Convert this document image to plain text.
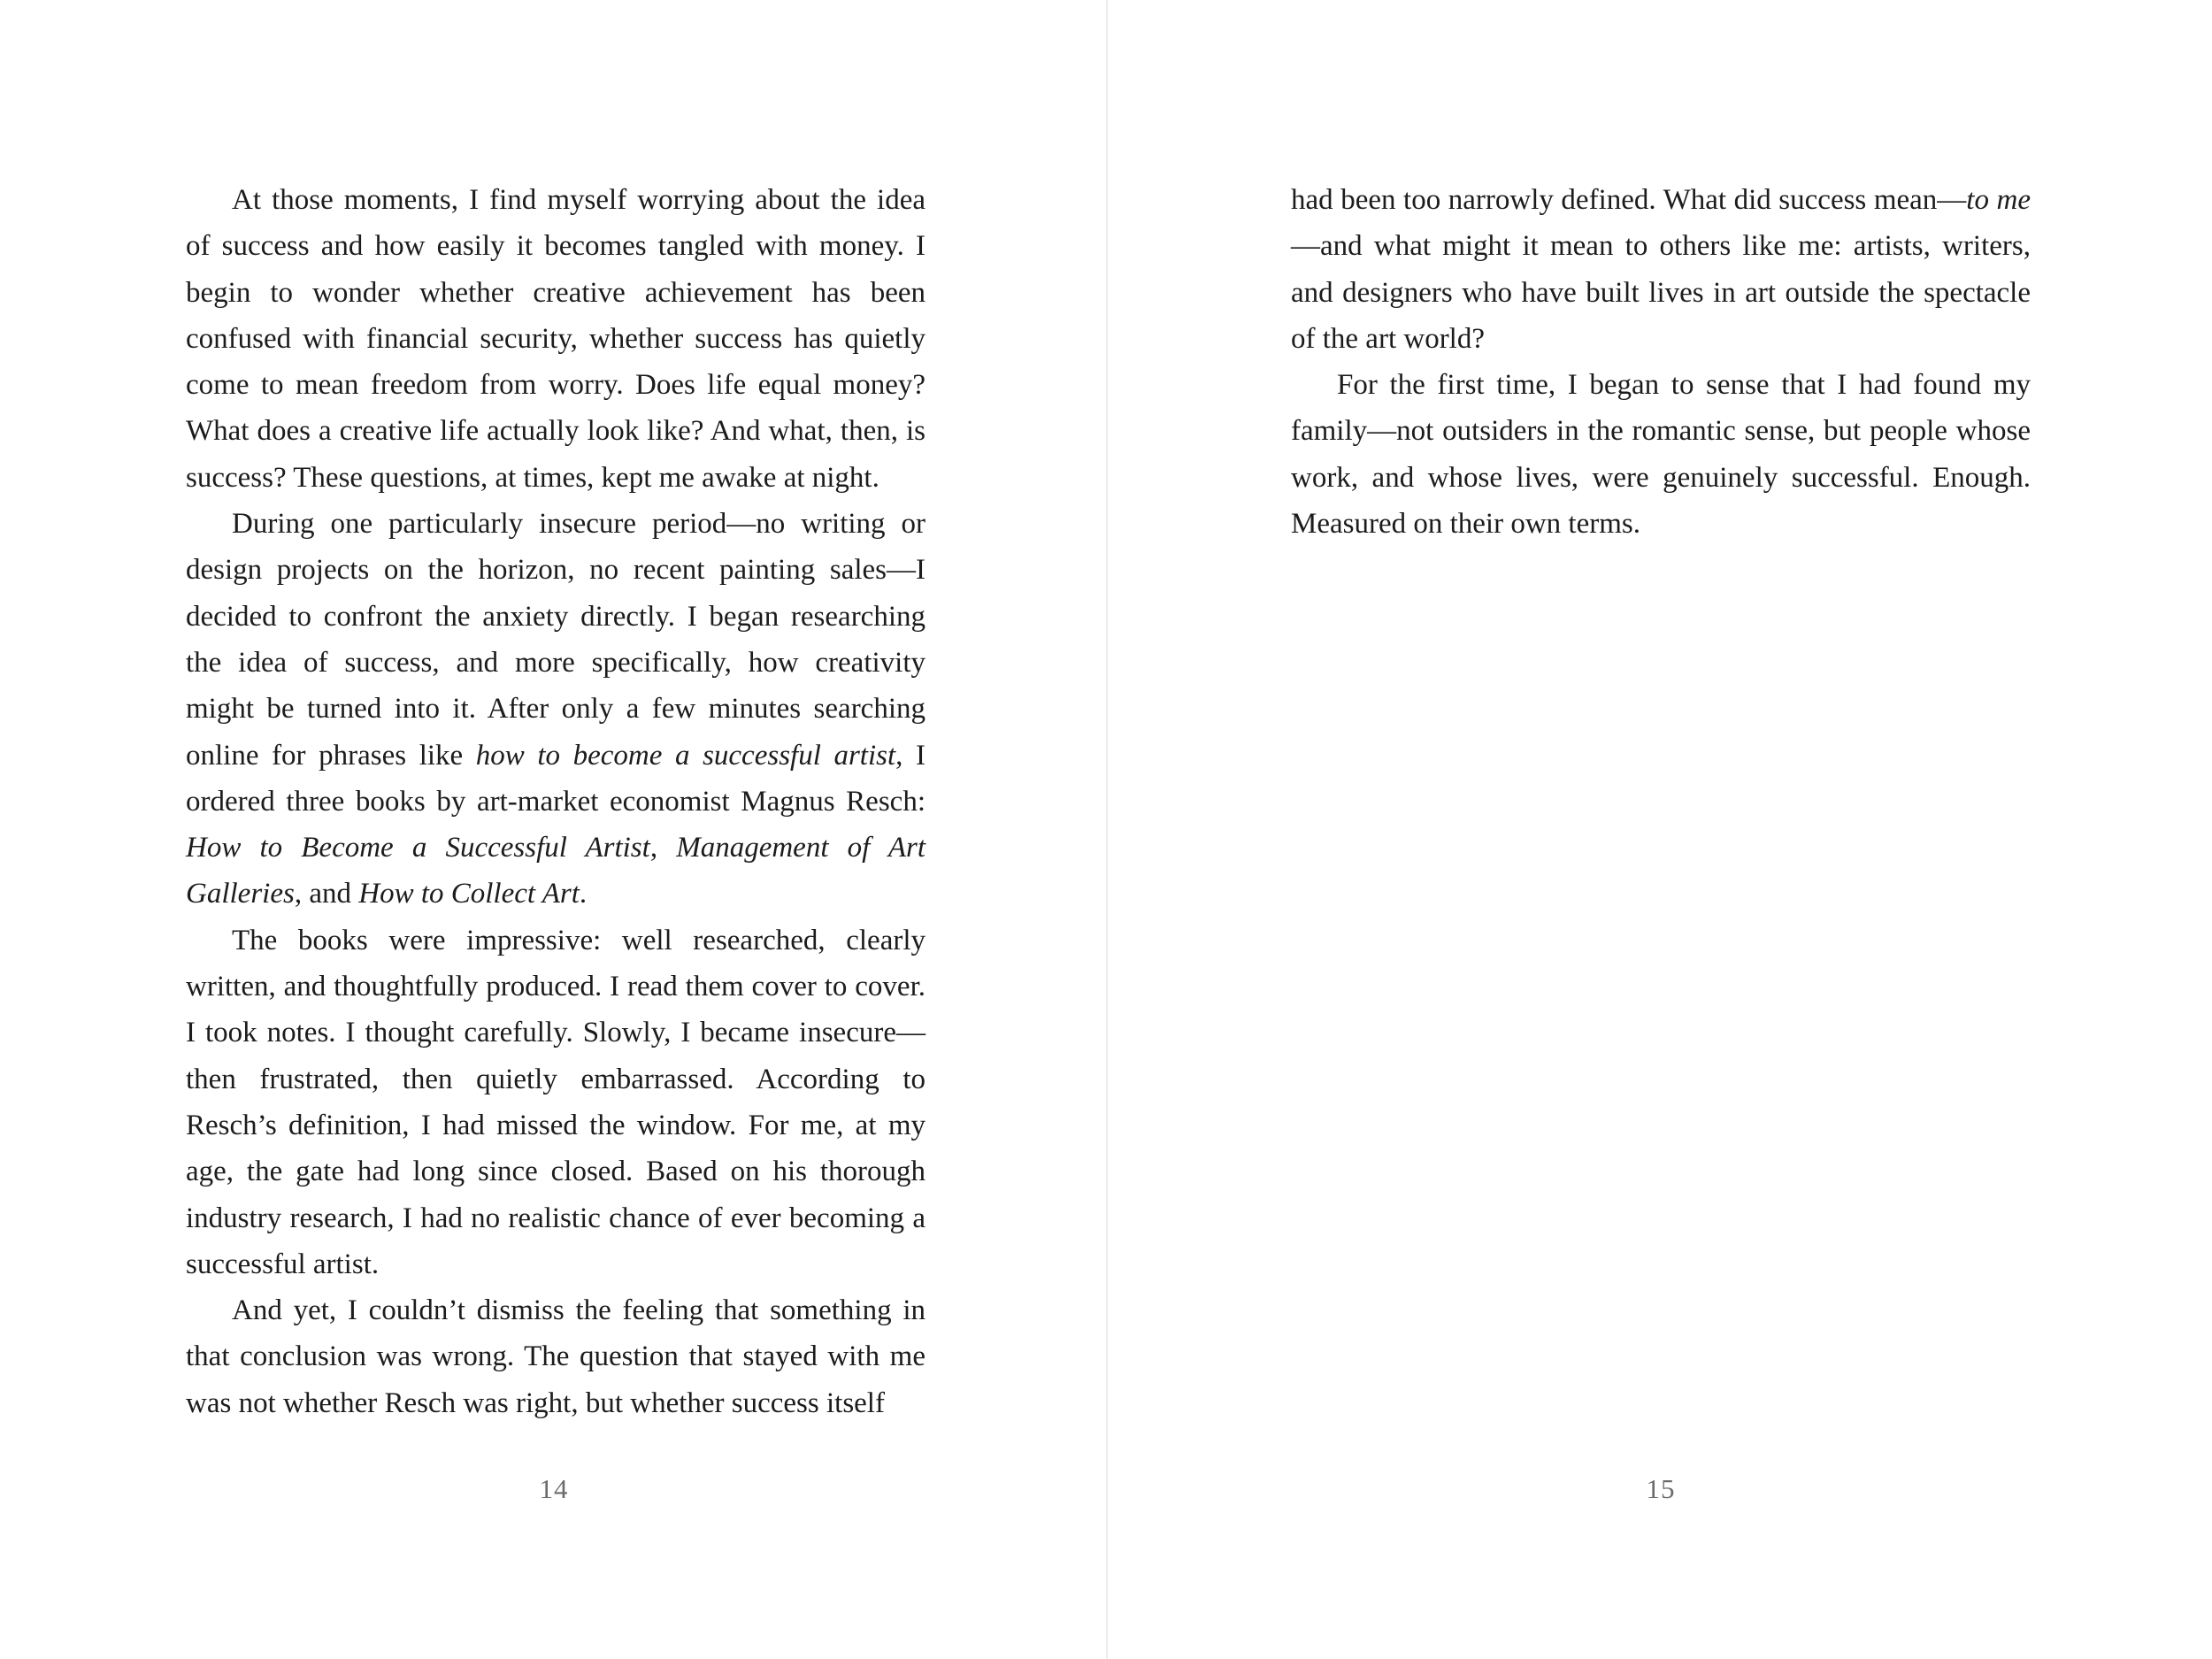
At those moments, I find myself worrying about the idea of success and how easily it becomes tangled with money. I begin to wonder whether creative achievement has been confused with financial security, whether success has quietly come to mean freedom from worry. Does life equal money? What does a creative life actually look like? And what, then, is success? These questions, at times, kept me awake at night.

During one particularly insecure period—no writing or design projects on the horizon, no recent painting sales—I decided to confront the anxiety directly. I began researching the idea of success, and more specifically, how creativity might be turned into it. After only a few minutes searching online for phrases like how to become a successful artist, I ordered three books by art-market economist Magnus Resch: How to Become a Successful Artist, Management of Art Galleries, and How to Collect Art.

The books were impressive: well researched, clearly written, and thoughtfully produced. I read them cover to cover. I took notes. I thought carefully. Slowly, I became insecure—then frustrated, then quietly embarrassed. According to Resch’s definition, I had missed the window. For me, at my age, the gate had long since closed. Based on his thorough industry research, I had no realistic chance of ever becoming a successful artist.

And yet, I couldn’t dismiss the feeling that something in that conclusion was wrong. The question that stayed with me was not whether Resch was right, but whether success itself

14

had been too narrowly defined. What did success mean—to me—and what might it mean to others like me: artists, writers, and designers who have built lives in art outside the spectacle of the art world?

For the first time, I began to sense that I had found my family—not outsiders in the romantic sense, but people whose work, and whose lives, were genuinely successful. Enough. Measured on their own terms.

15
